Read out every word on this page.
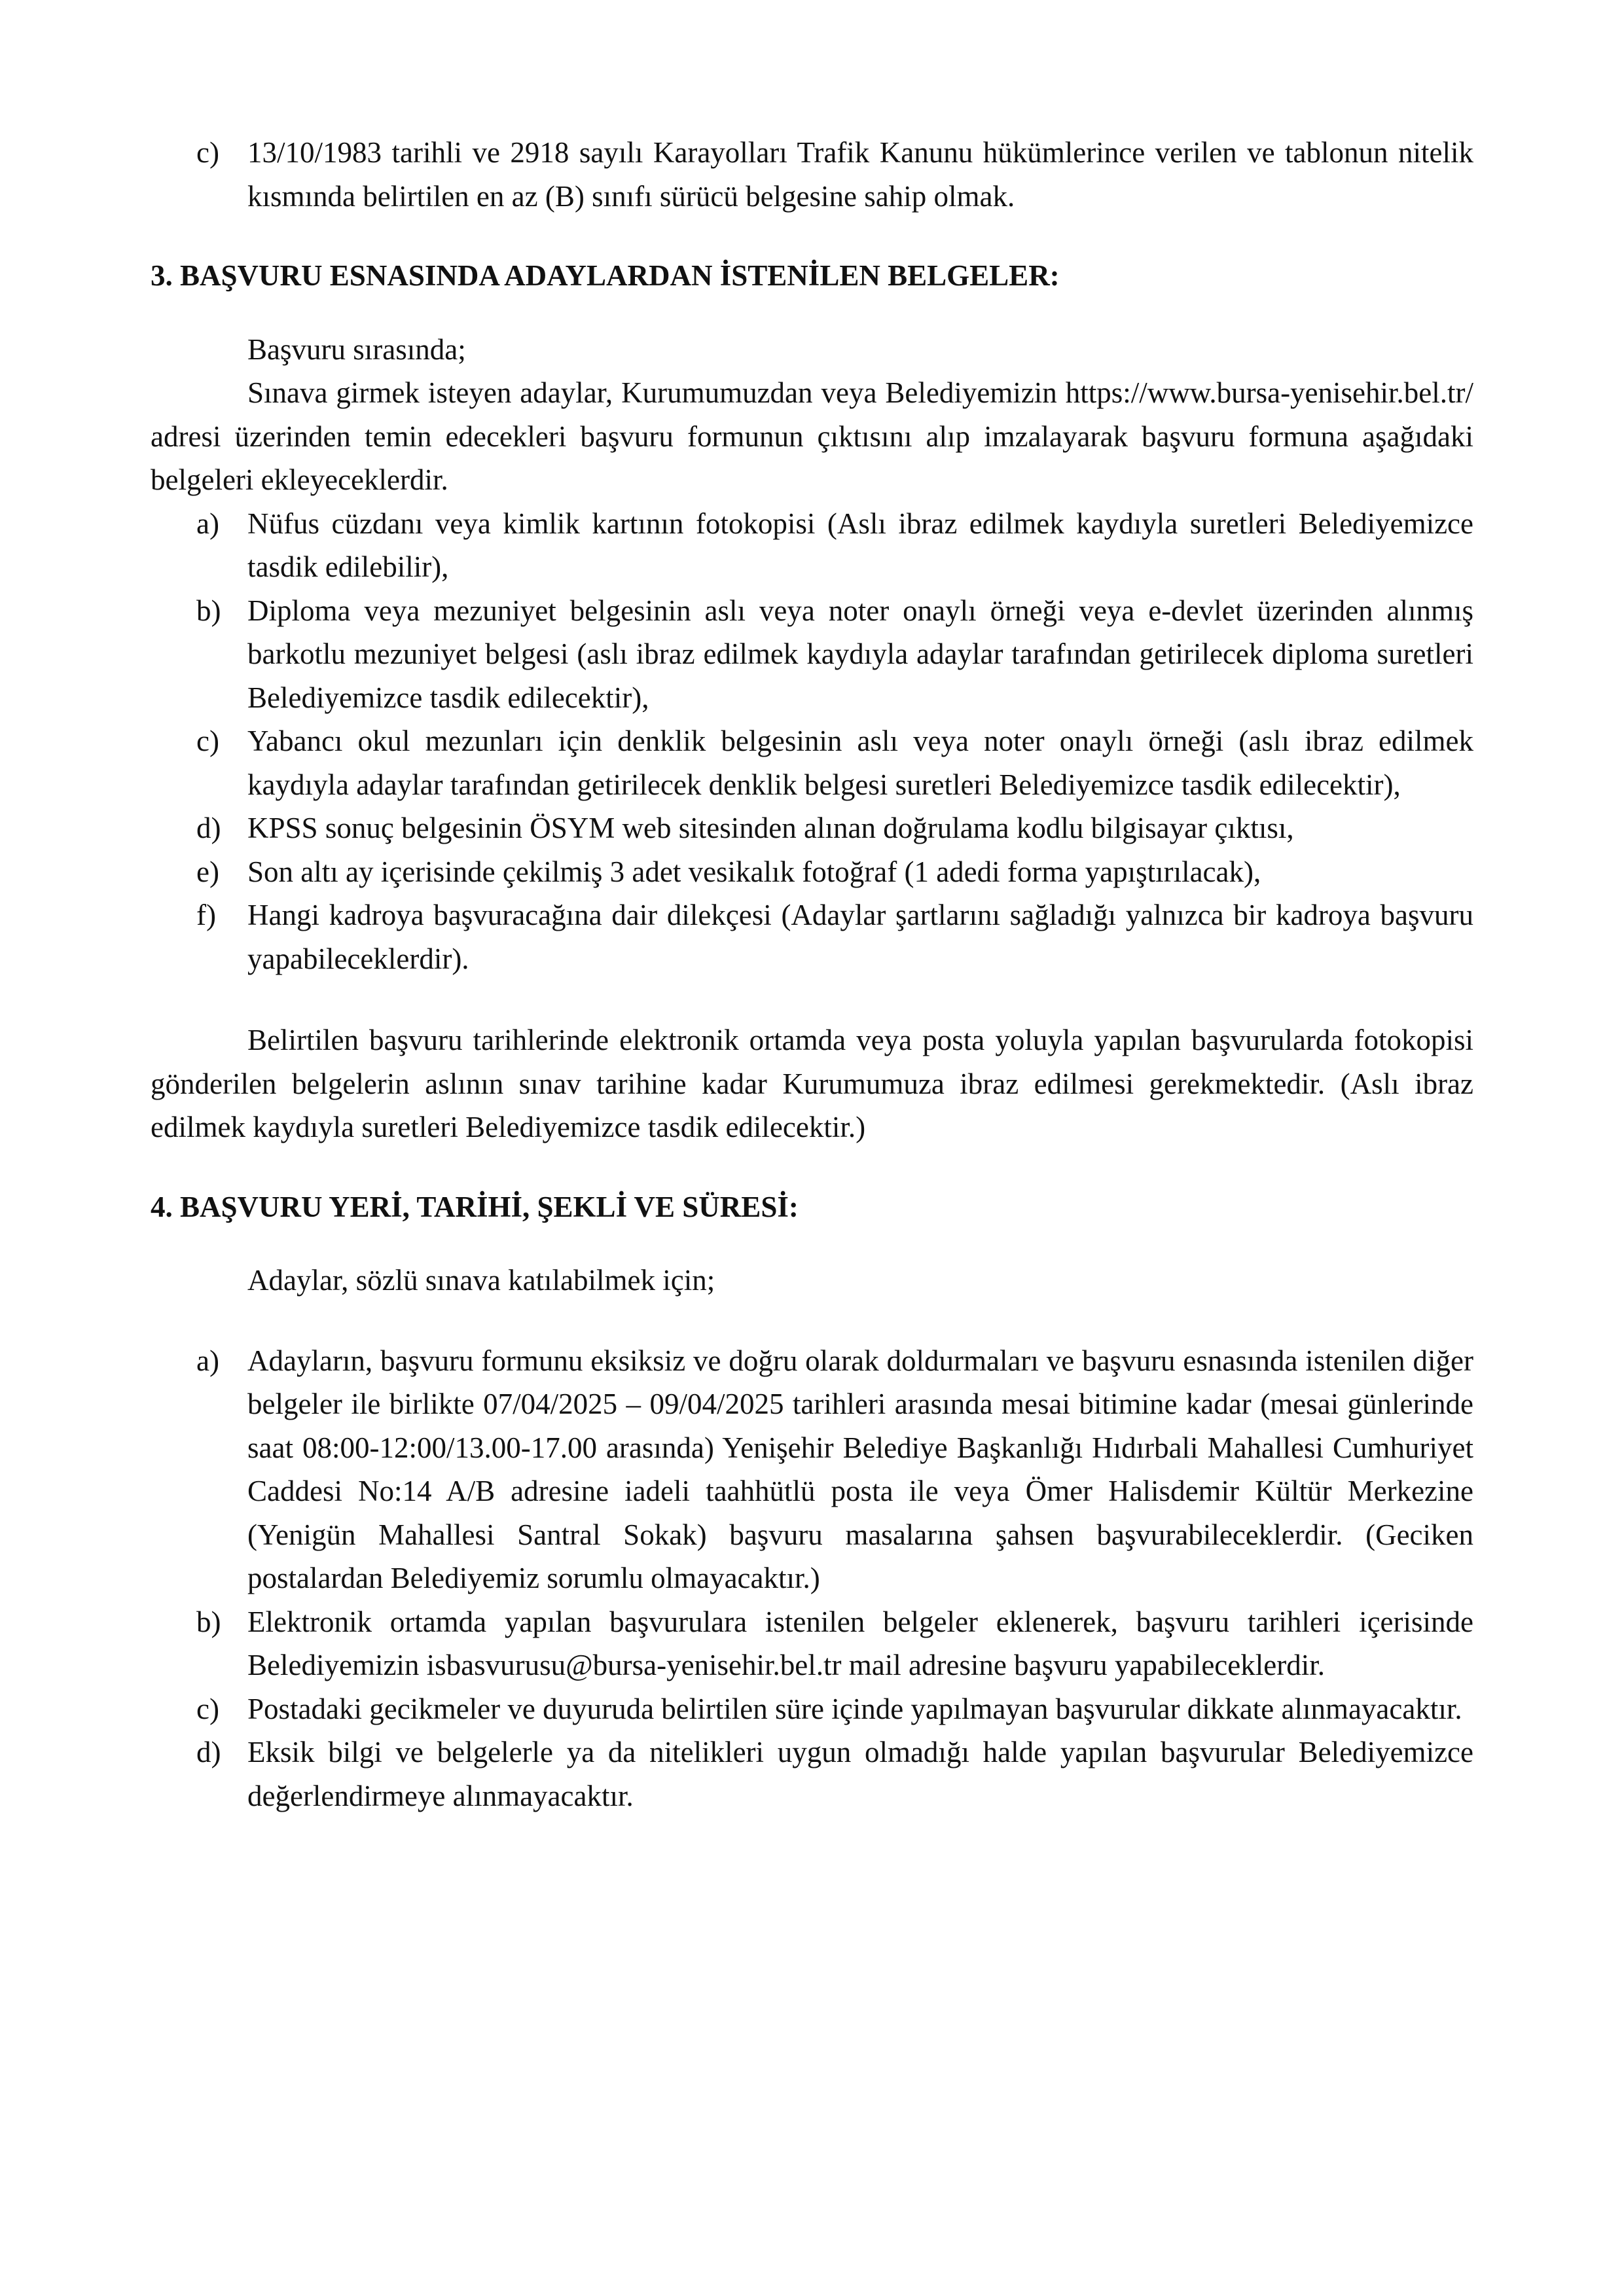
c) 13/10/1983 tarihli ve 2918 sayılı Karayolları Trafik Kanunu hükümlerince verilen ve tablonun nitelik kısmında belirtilen en az (B) sınıfı sürücü belgesine sahip olmak.
3. BAŞVURU ESNASINDA ADAYLARDAN İSTENİLEN BELGELER:

Başvuru sırasında;

Sınava girmek isteyen adaylar, Kurumumuzdan veya Belediyemizin https://www.bursa-yenisehir.bel.tr/ adresi üzerinden temin edecekleri başvuru formunun çıktısını alıp imzalayarak başvuru formuna aşağıdaki belgeleri ekleyeceklerdir.

a) Nüfus cüzdanı veya kimlik kartının fotokopisi (Aslı ibraz edilmek kaydıyla suretleri Belediyemizce tasdik edilebilir),
b) Diploma veya mezuniyet belgesinin aslı veya noter onaylı örneği veya e-devlet üzerinden alınmış barkotlu mezuniyet belgesi (aslı ibraz edilmek kaydıyla adaylar tarafından getirilecek diploma suretleri Belediyemizce tasdik edilecektir),
c) Yabancı okul mezunları için denklik belgesinin aslı veya noter onaylı örneği (aslı ibraz edilmek kaydıyla adaylar tarafından getirilecek denklik belgesi suretleri Belediyemizce tasdik edilecektir),
d) KPSS sonuç belgesinin ÖSYM web sitesinden alınan doğrulama kodlu bilgisayar çıktısı,
e) Son altı ay içerisinde çekilmiş 3 adet vesikalık fotoğraf (1 adedi forma yapıştırılacak),
f) Hangi kadroya başvuracağına dair dilekçesi (Adaylar şartlarını sağladığı yalnızca bir kadroya başvuru yapabileceklerdir).

Belirtilen başvuru tarihlerinde elektronik ortamda veya posta yoluyla yapılan başvurularda fotokopisi gönderilen belgelerin aslının sınav tarihine kadar Kurumumuza ibraz edilmesi gerekmektedir. (Aslı ibraz edilmek kaydıyla suretleri Belediyemizce tasdik edilecektir.)

4. BAŞVURU YERİ, TARİHİ, ŞEKLİ VE SÜRESİ:

Adaylar, sözlü sınava katılabilmek için;

a) Adayların, başvuru formunu eksiksiz ve doğru olarak doldurmaları ve başvuru esnasında istenilen diğer belgeler ile birlikte 07/04/2025 – 09/04/2025 tarihleri arasında mesai bitimine kadar (mesai günlerinde saat 08:00-12:00/13.00-17.00 arasında) Yenişehir Belediye Başkanlığı Hıdırbali Mahallesi Cumhuriyet Caddesi No:14 A/B adresine iadeli taahhütlü posta ile veya Ömer Halisdemir Kültür Merkezine (Yenigün Mahallesi Santral Sokak) başvuru masalarına şahsen başvurabileceklerdir. (Geciken postalardan Belediyemiz sorumlu olmayacaktır.)
b) Elektronik ortamda yapılan başvurulara istenilen belgeler eklenerek, başvuru tarihleri içerisinde Belediyemizin isbasvurusu@bursa-yenisehir.bel.tr mail adresine başvuru yapabileceklerdir.
c) Postadaki gecikmeler ve duyuruda belirtilen süre içinde yapılmayan başvurular dikkate alınmayacaktır.
d) Eksik bilgi ve belgelerle ya da nitelikleri uygun olmadığı halde yapılan başvurular Belediyemizce değerlendirmeye alınmayacaktır.
